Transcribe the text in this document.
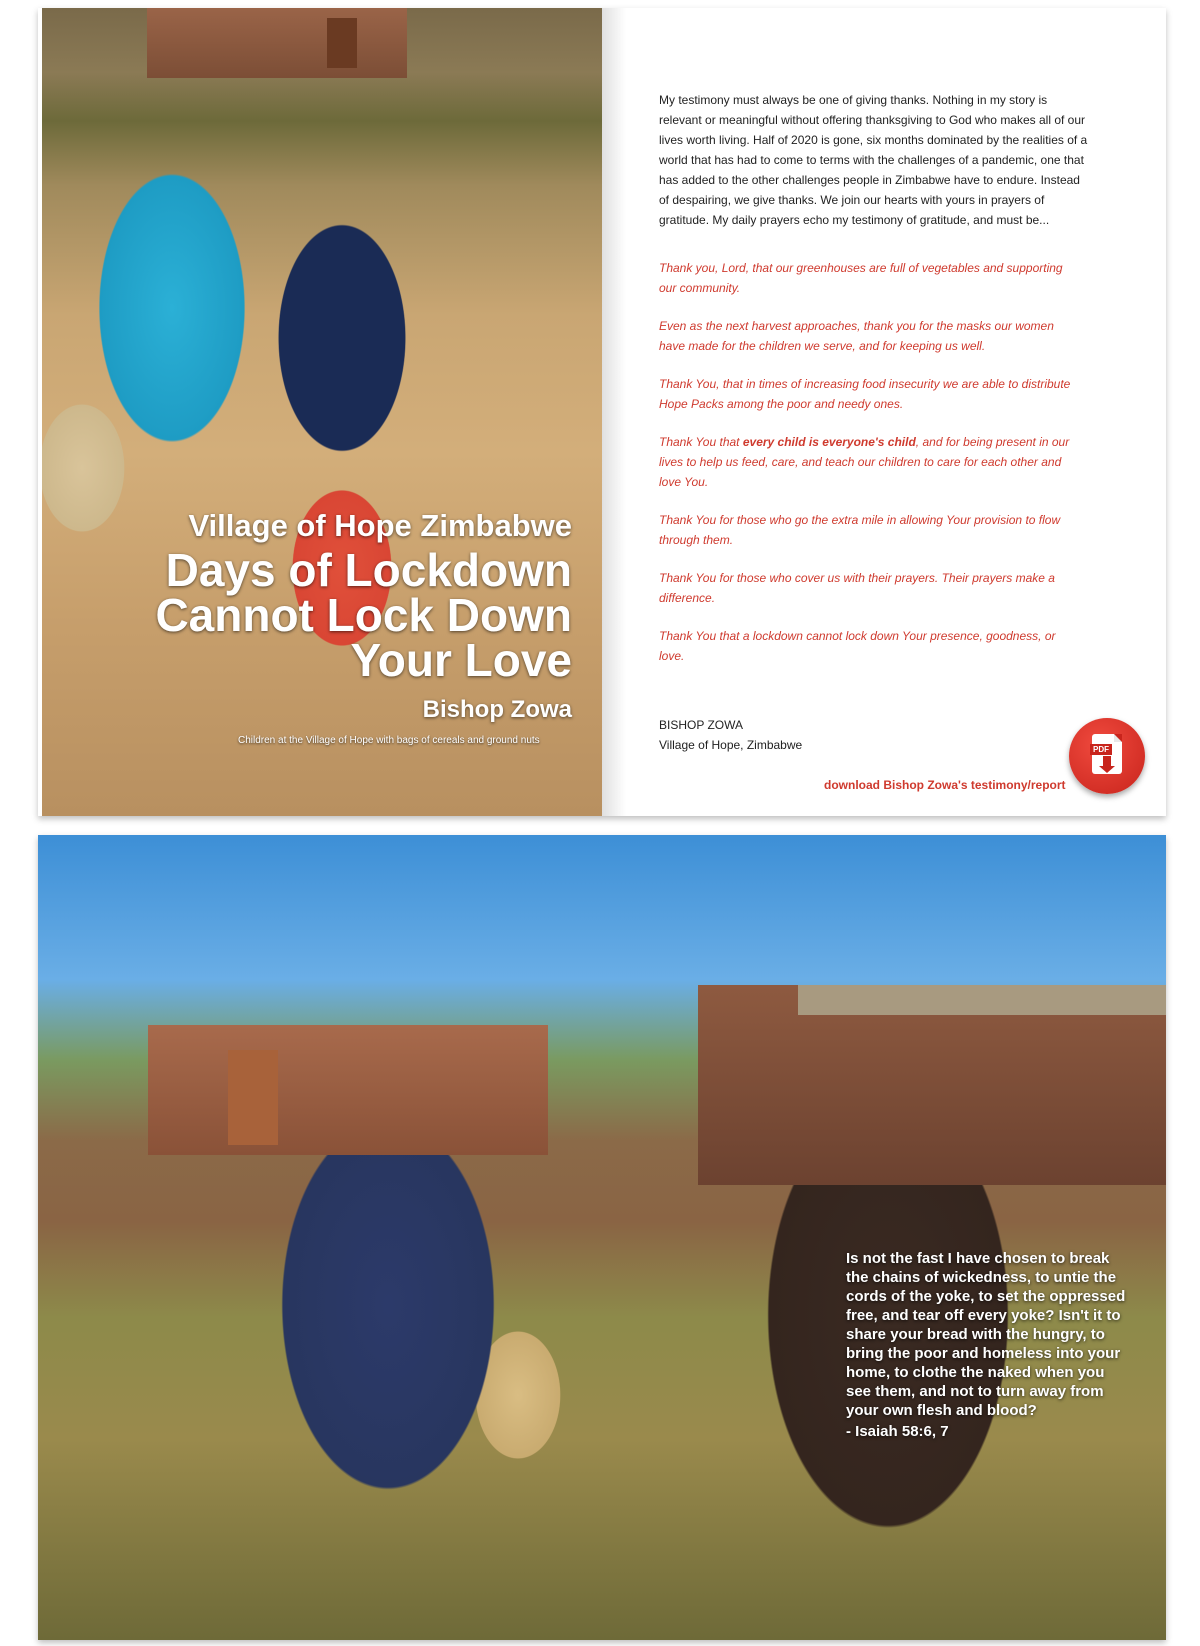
Village of Hope Zimbabwe
Days of Lockdown Cannot Lock Down Your Love
Bishop Zowa
Children at the Village of Hope with bags of cereals and ground nuts
My testimony must always be one of giving thanks. Nothing in my story is relevant or meaningful without offering thanksgiving to God who makes all of our lives worth living. Half of 2020 is gone, six months dominated by the realities of a world that has had to come to terms with the challenges of a pandemic, one that has added to the other challenges people in Zimbabwe have to endure. Instead of despairing, we give thanks. We join our hearts with yours in prayers of gratitude. My daily prayers echo my testimony of gratitude, and must be...
Thank you, Lord, that our greenhouses are full of vegetables and supporting our community.
Even as the next harvest approaches, thank you for the masks our women have made for the children we serve, and for keeping us well.
Thank You, that in times of increasing food insecurity we are able to distribute Hope Packs among the poor and needy ones.
Thank You that every child is everyone's child, and for being present in our lives to help us feed, care, and teach our children to care for each other and love You.
Thank You for those who go the extra mile in allowing Your provision to flow through them.
Thank You for those who cover us with their prayers. Their prayers make a difference.
Thank You that a lockdown cannot lock down Your presence, goodness, or love.
BISHOP ZOWA
Village of Hope, Zimbabwe
download Bishop Zowa's testimony/report
PDF
Is not the fast I have chosen to break the chains of wickedness, to untie the cords of the yoke, to set the oppressed free, and tear off every yoke? Isn't it to share your bread with the hungry, to bring the poor and homeless into your home, to clothe the naked when you see them, and not to turn away from your own flesh and blood?
- Isaiah 58:6, 7
